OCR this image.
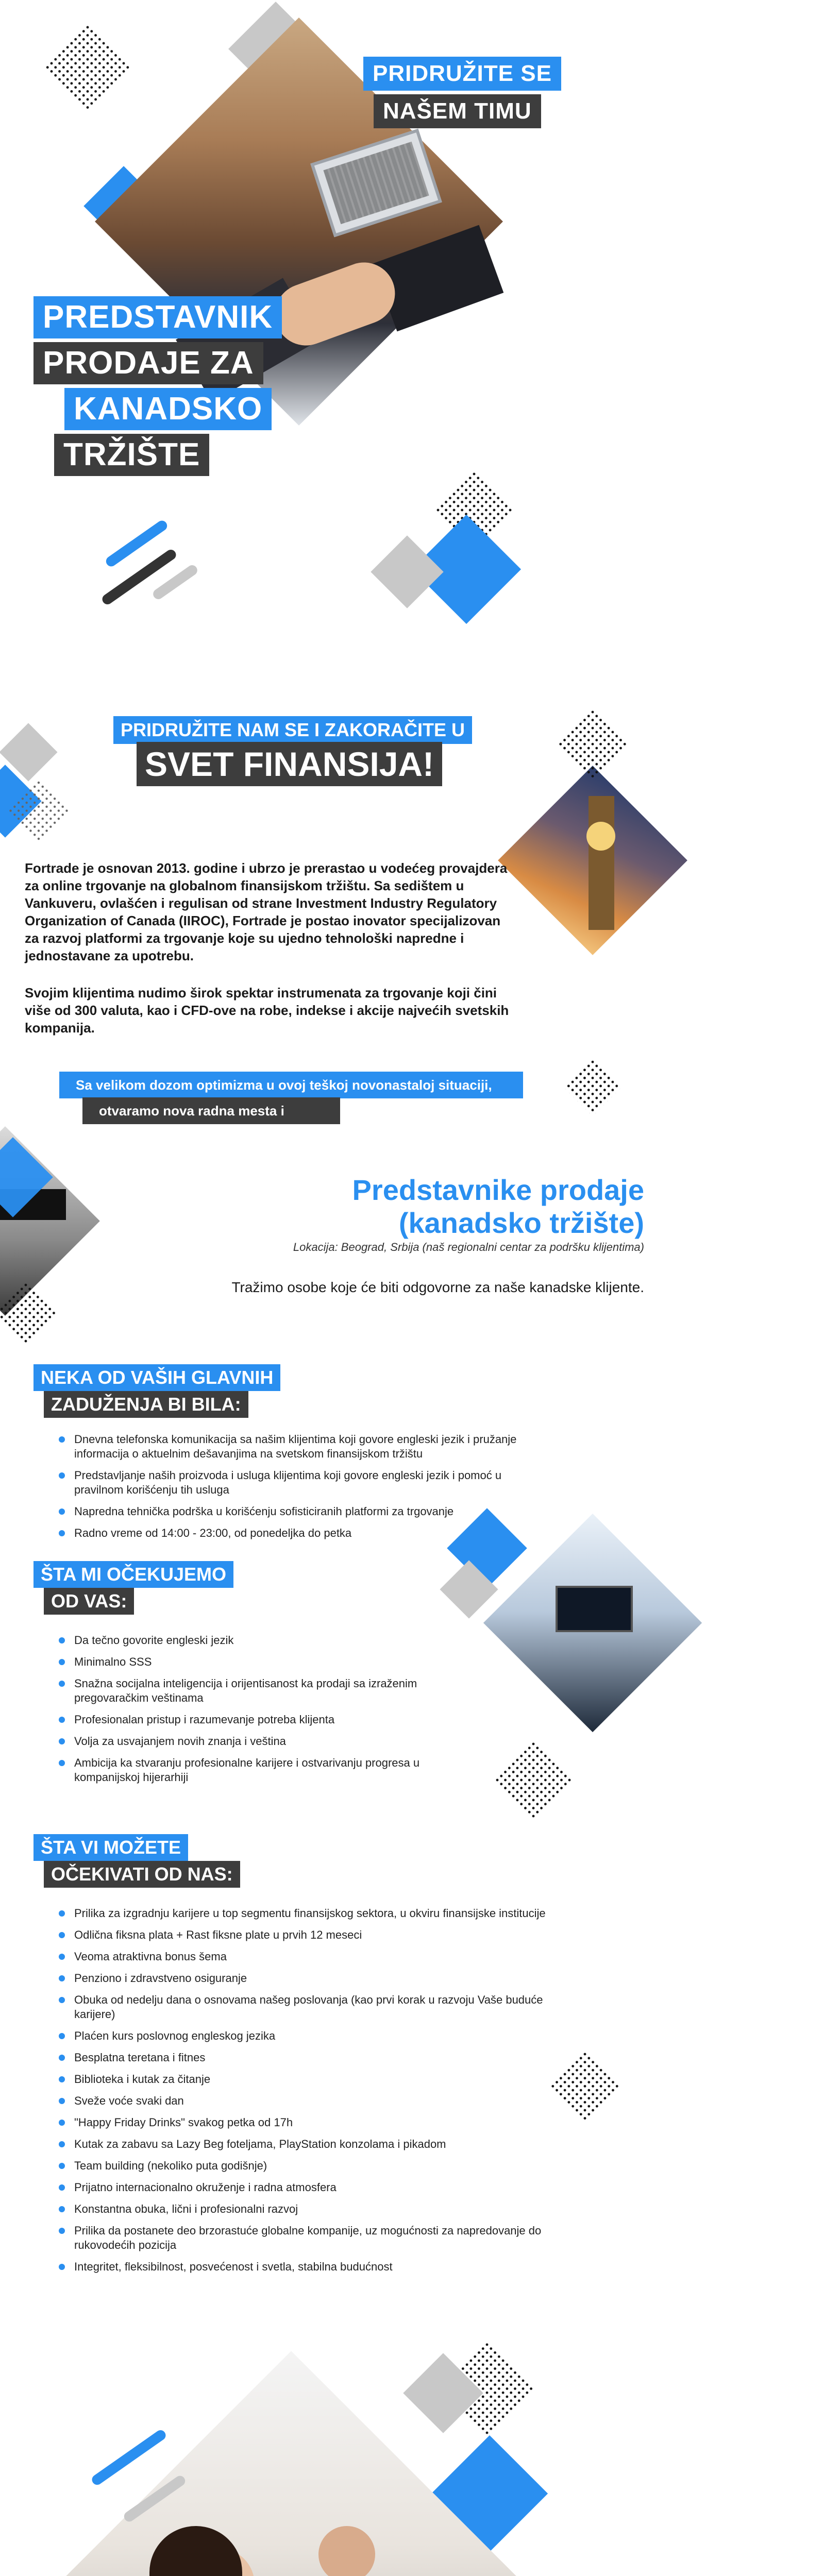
PRIDRUŽITE SE
NAŠEM TIMU
PREDSTAVNIK
PRODAJE ZA
KANADSKO
TRŽIŠTE
PRIDRUŽITE NAM SE I ZAKORAČITE U
SVET FINANSIJA!
Fortrade je osnovan 2013. godine i ubrzo je prerastao u vodećeg provajdera za online trgovanje na globalnom finansijskom tržištu. Sa sedištem u Vankuveru, ovlašćen i regulisan od strane Investment Industry Regulatory Organization of Canada (IIROC), Fortrade je postao inovator specijalizovan za razvoj platformi za trgovanje koje su ujedno tehnološki napredne i jednostavane za upotrebu.
Svojim klijentima nudimo širok spektar instrumenata za trgovanje koji čini više od 300 valuta, kao i CFD-ove na robe, indekse i akcije najvećih svetskih kompanija.
Sa velikom dozom optimizma u ovoj teškoj novonastaloj situaciji,
otvaramo nova radna mesta i tražimo:
Predstavnike prodaje
(kanadsko tržište)
Lokacija: Beograd, Srbija (naš regionalni centar za podršku klijentima)
Tražimo osobe koje će biti odgovorne za naše kanadske klijente.
NEKA OD VAŠIH GLAVNIH
ZADUŽENJA BI BILA:
Dnevna telefonska komunikacija sa našim klijentima koji govore engleski jezik i pružanje informacija o aktuelnim dešavanjima na svetskom finansijskom tržištu
Predstavljanje naših proizvoda i usluga klijentima koji govore engleski jezik i pomoć u pravilnom korišćenju tih usluga
Napredna tehnička podrška u korišćenju sofisticiranih platformi za trgovanje
Radno vreme od 14:00 - 23:00, od ponedeljka do petka
ŠTA MI OČEKUJEMO
OD VAS:
Da tečno govorite engleski jezik
Minimalno SSS
Snažna socijalna inteligencija i orijentisanost ka prodaji sa izraženim pregovaračkim veštinama
Profesionalan pristup i razumevanje potreba klijenta
Volja za usvajanjem novih znanja i veština
Ambicija ka stvaranju profesionalne karijere i ostvarivanju progresa u kompanijskoj hijerarhiji
ŠTA VI MOŽETE
OČEKIVATI OD NAS:
Prilika za izgradnju karijere u top segmentu finansijskog sektora, u okviru finansijske institucije
Odlična fiksna plata + Rast fiksne plate u prvih 12 meseci
Veoma atraktivna bonus šema
Penziono i zdravstveno osiguranje
Obuka od nedelju dana o osnovama našeg poslovanja (kao prvi korak u razvoju Vaše buduće karijere)
Plaćen kurs poslovnog engleskog jezika
Besplatna teretana i fitnes
Biblioteka i kutak za čitanje
Sveže voće svaki dan
"Happy Friday Drinks" svakog petka od 17h
Kutak za zabavu sa Lazy Beg foteljama, PlayStation konzolama i pikadom
Team building (nekoliko puta godišnje)
Prijatno internacionalno okruženje i radna atmosfera
Konstantna obuka, lični i profesionalni razvoj
Prilika da postanete deo brzorastuće globalne kompanije, uz mogućnosti za napredovanje do rukovodećih pozicija
Integritet, fleksibilnost, posvećenost i svetla, stabilna budućnost
